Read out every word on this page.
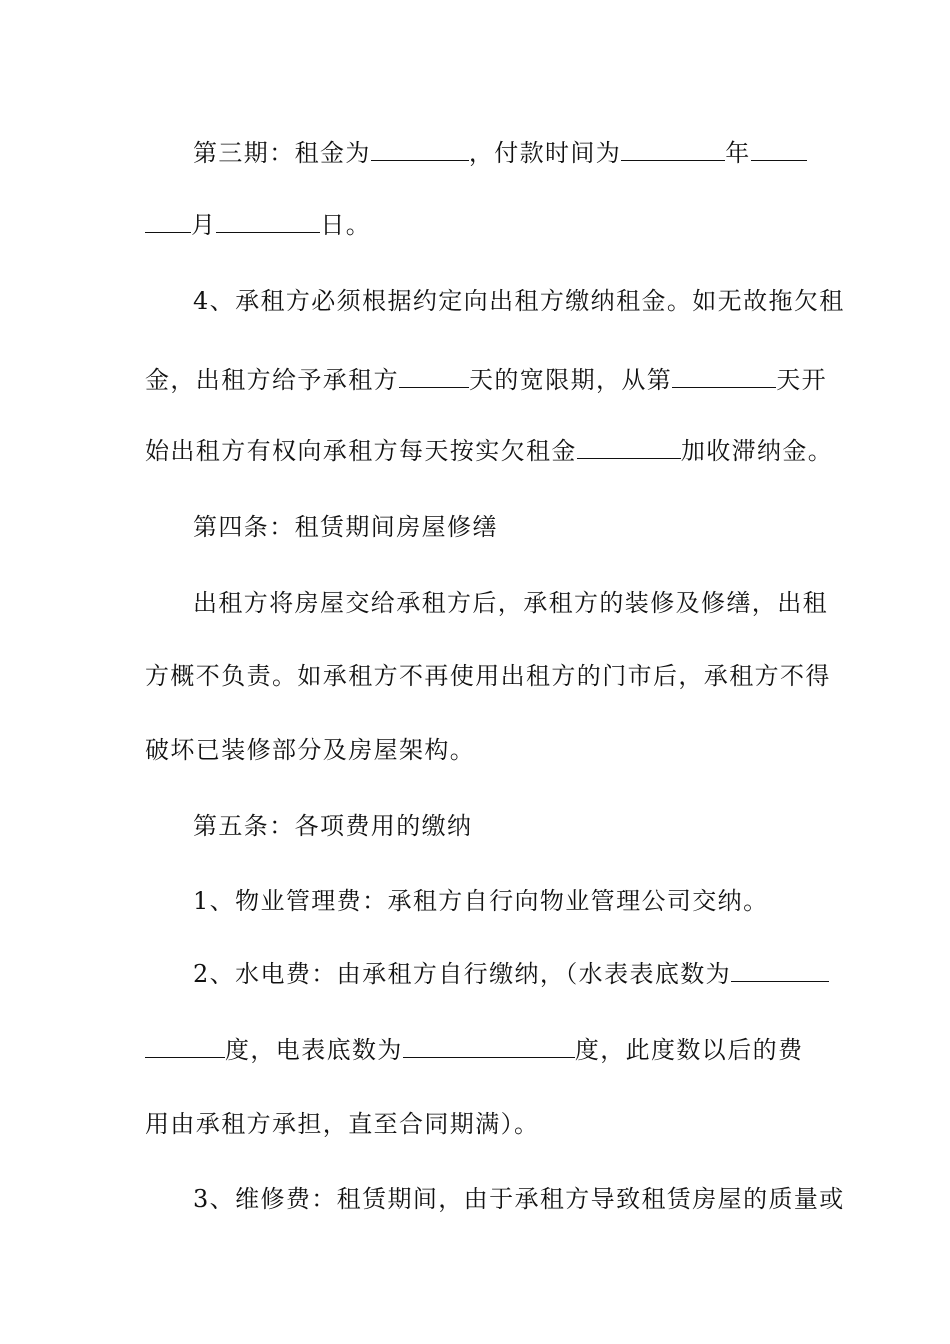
第三期：租金为	，付款时间为	年
月	日。
4、承租方必须根据约定向出租方缴纳租金。如无故拖欠租
金，出租方给予承租方	天的宽限期，从第	天开
始出租方有权向承租方每天按实欠租金	加收滞纳金。
第四条：租赁期间房屋修缮
出租方将房屋交给承租方后，承租方的装修及修缮，出租
方概不负责。如承租方不再使用出租方的门市后，承租方不得
破坏已装修部分及房屋架构。
第五条：各项费用的缴纳
1、物业管理费：承租方自行向物业管理公司交纳。
2、水电费：由承租方自行缴纳，（水表表底数为
度，电表底数为	度，此度数以后的费
用由承租方承担，直至合同期满）。
3、维修费：租赁期间，由于承租方导致租赁房屋的质量或
